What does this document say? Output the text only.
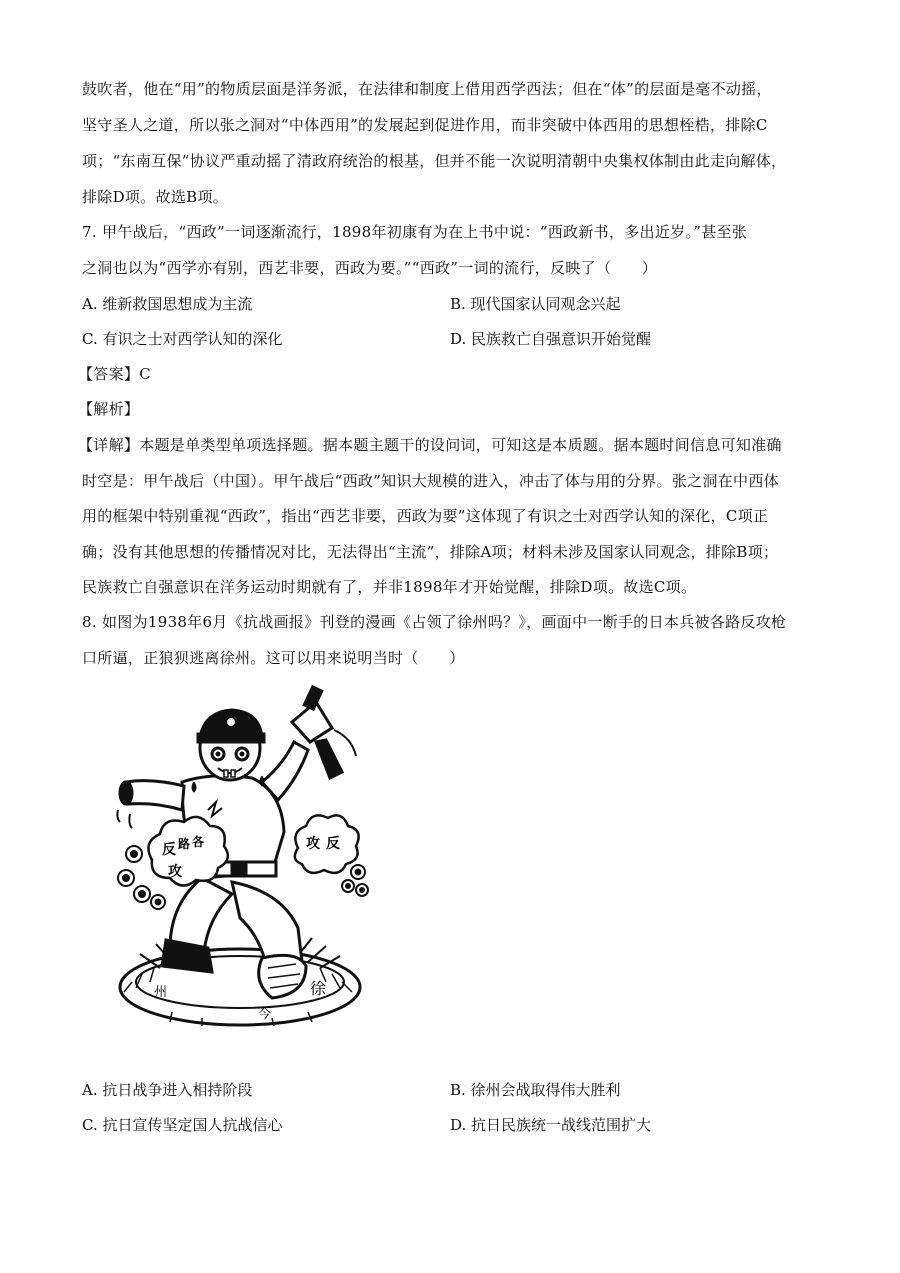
鼓吹者，他在“用”的物质层面是洋务派，在法律和制度上借用西学西法；但在“体”的层面是毫不动摇，
坚守圣人之道，所以张之洞对“中体西用”的发展起到促进作用，而非突破中体西用的思想桎梏，排除C
项；“东南互保”协议严重动摇了清政府统治的根基，但并不能一次说明清朝中央集权体制由此走向解体，
排除D项。故选B项。
7. 甲午战后，“西政”一词逐渐流行，1898年初康有为在上书中说：“西政新书，多出近岁。”甚至张
之洞也以为“西学亦有别，西艺非要，西政为要。”“西政”一词的流行，反映了（　　）
A. 维新救国思想成为主流	B. 现代国家认同观念兴起
C. 有识之士对西学认知的深化	D. 民族救亡自强意识开始觉醒
【答案】C
【解析】
【详解】本题是单类型单项选择题。据本题主题干的设问词，可知这是本质题。据本题时间信息可知准确
时空是：甲午战后（中国）。甲午战后“西政”知识大规模的进入，冲击了体与用的分界。张之洞在中西体
用的框架中特别重视“西政”，指出“西艺非要，西政为要”这体现了有识之士对西学认知的深化，C项正
确；没有其他思想的传播情况对比，无法得出“主流”，排除A项；材料未涉及国家认同观念，排除B项；
民族救亡自强意识在洋务运动时期就有了，并非1898年才开始觉醒，排除D项。故选C项。
8. 如图为1938年6月《抗战画报》刊登的漫画《占领了徐州吗？》，画面中一断手的日本兵被各路反攻枪
口所逼，正狼狈逃离徐州。这可以用来说明当时（　　）
A. 抗日战争进入相持阶段	B. 徐州会战取得伟大胜利
C. 抗日宣传坚定国人抗战信心	D. 抗日民族统一战线范围扩大
州	徐
今
反 路 各
攻
攻 反
